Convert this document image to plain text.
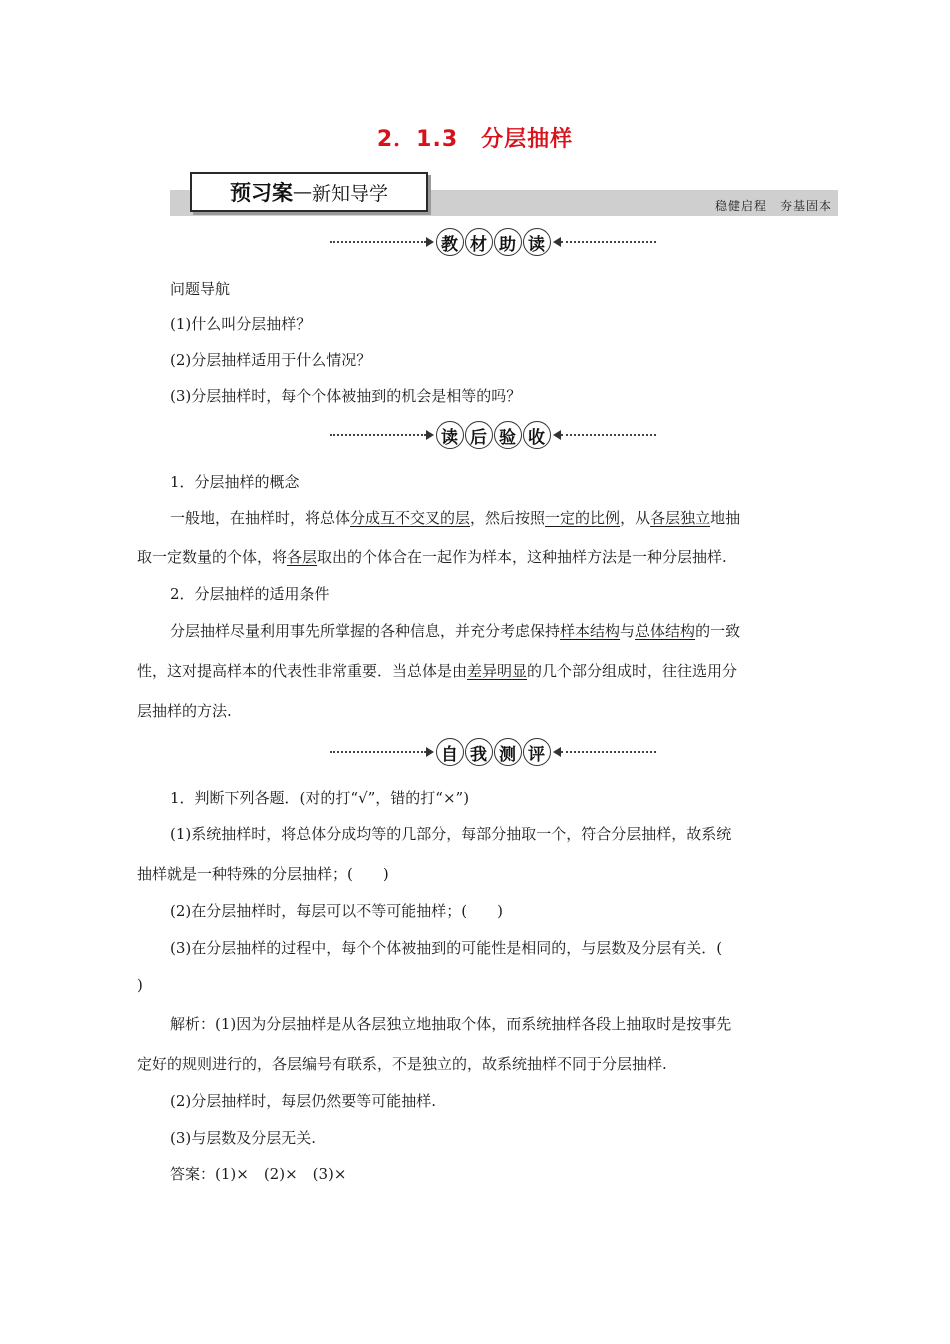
2．1.3　分层抽样
预习案 — 新知导学
稳健启程　夯基固本
教 材 助 读
问题导航
(1)什么叫分层抽样？
(2)分层抽样适用于什么情况？
(3)分层抽样时，每个个体被抽到的机会是相等的吗？
读 后 验 收
1．分层抽样的概念
一般地，在抽样时，将总体分成互不交叉的层，然后按照一定的比例，从各层独立地抽
取一定数量的个体，将各层取出的个体合在一起作为样本，这种抽样方法是一种分层抽样.
2．分层抽样的适用条件
分层抽样尽量利用事先所掌握的各种信息，并充分考虑保持样本结构与总体结构的一致
性，这对提高样本的代表性非常重要．当总体是由差异明显的几个部分组成时，往往选用分
层抽样的方法.
自 我 测 评
1．判断下列各题．(对的打“√”，错的打“×”)
(1)系统抽样时，将总体分成均等的几部分，每部分抽取一个，符合分层抽样，故系统
抽样就是一种特殊的分层抽样；(　　)
(2)在分层抽样时，每层可以不等可能抽样；(　　)
(3)在分层抽样的过程中，每个个体被抽到的可能性是相同的，与层数及分层有关．(
)
解析：(1)因为分层抽样是从各层独立地抽取个体，而系统抽样各段上抽取时是按事先
定好的规则进行的，各层编号有联系，不是独立的，故系统抽样不同于分层抽样.
(2)分层抽样时，每层仍然要等可能抽样.
(3)与层数及分层无关.
答案：(1)×　(2)×　(3)×
